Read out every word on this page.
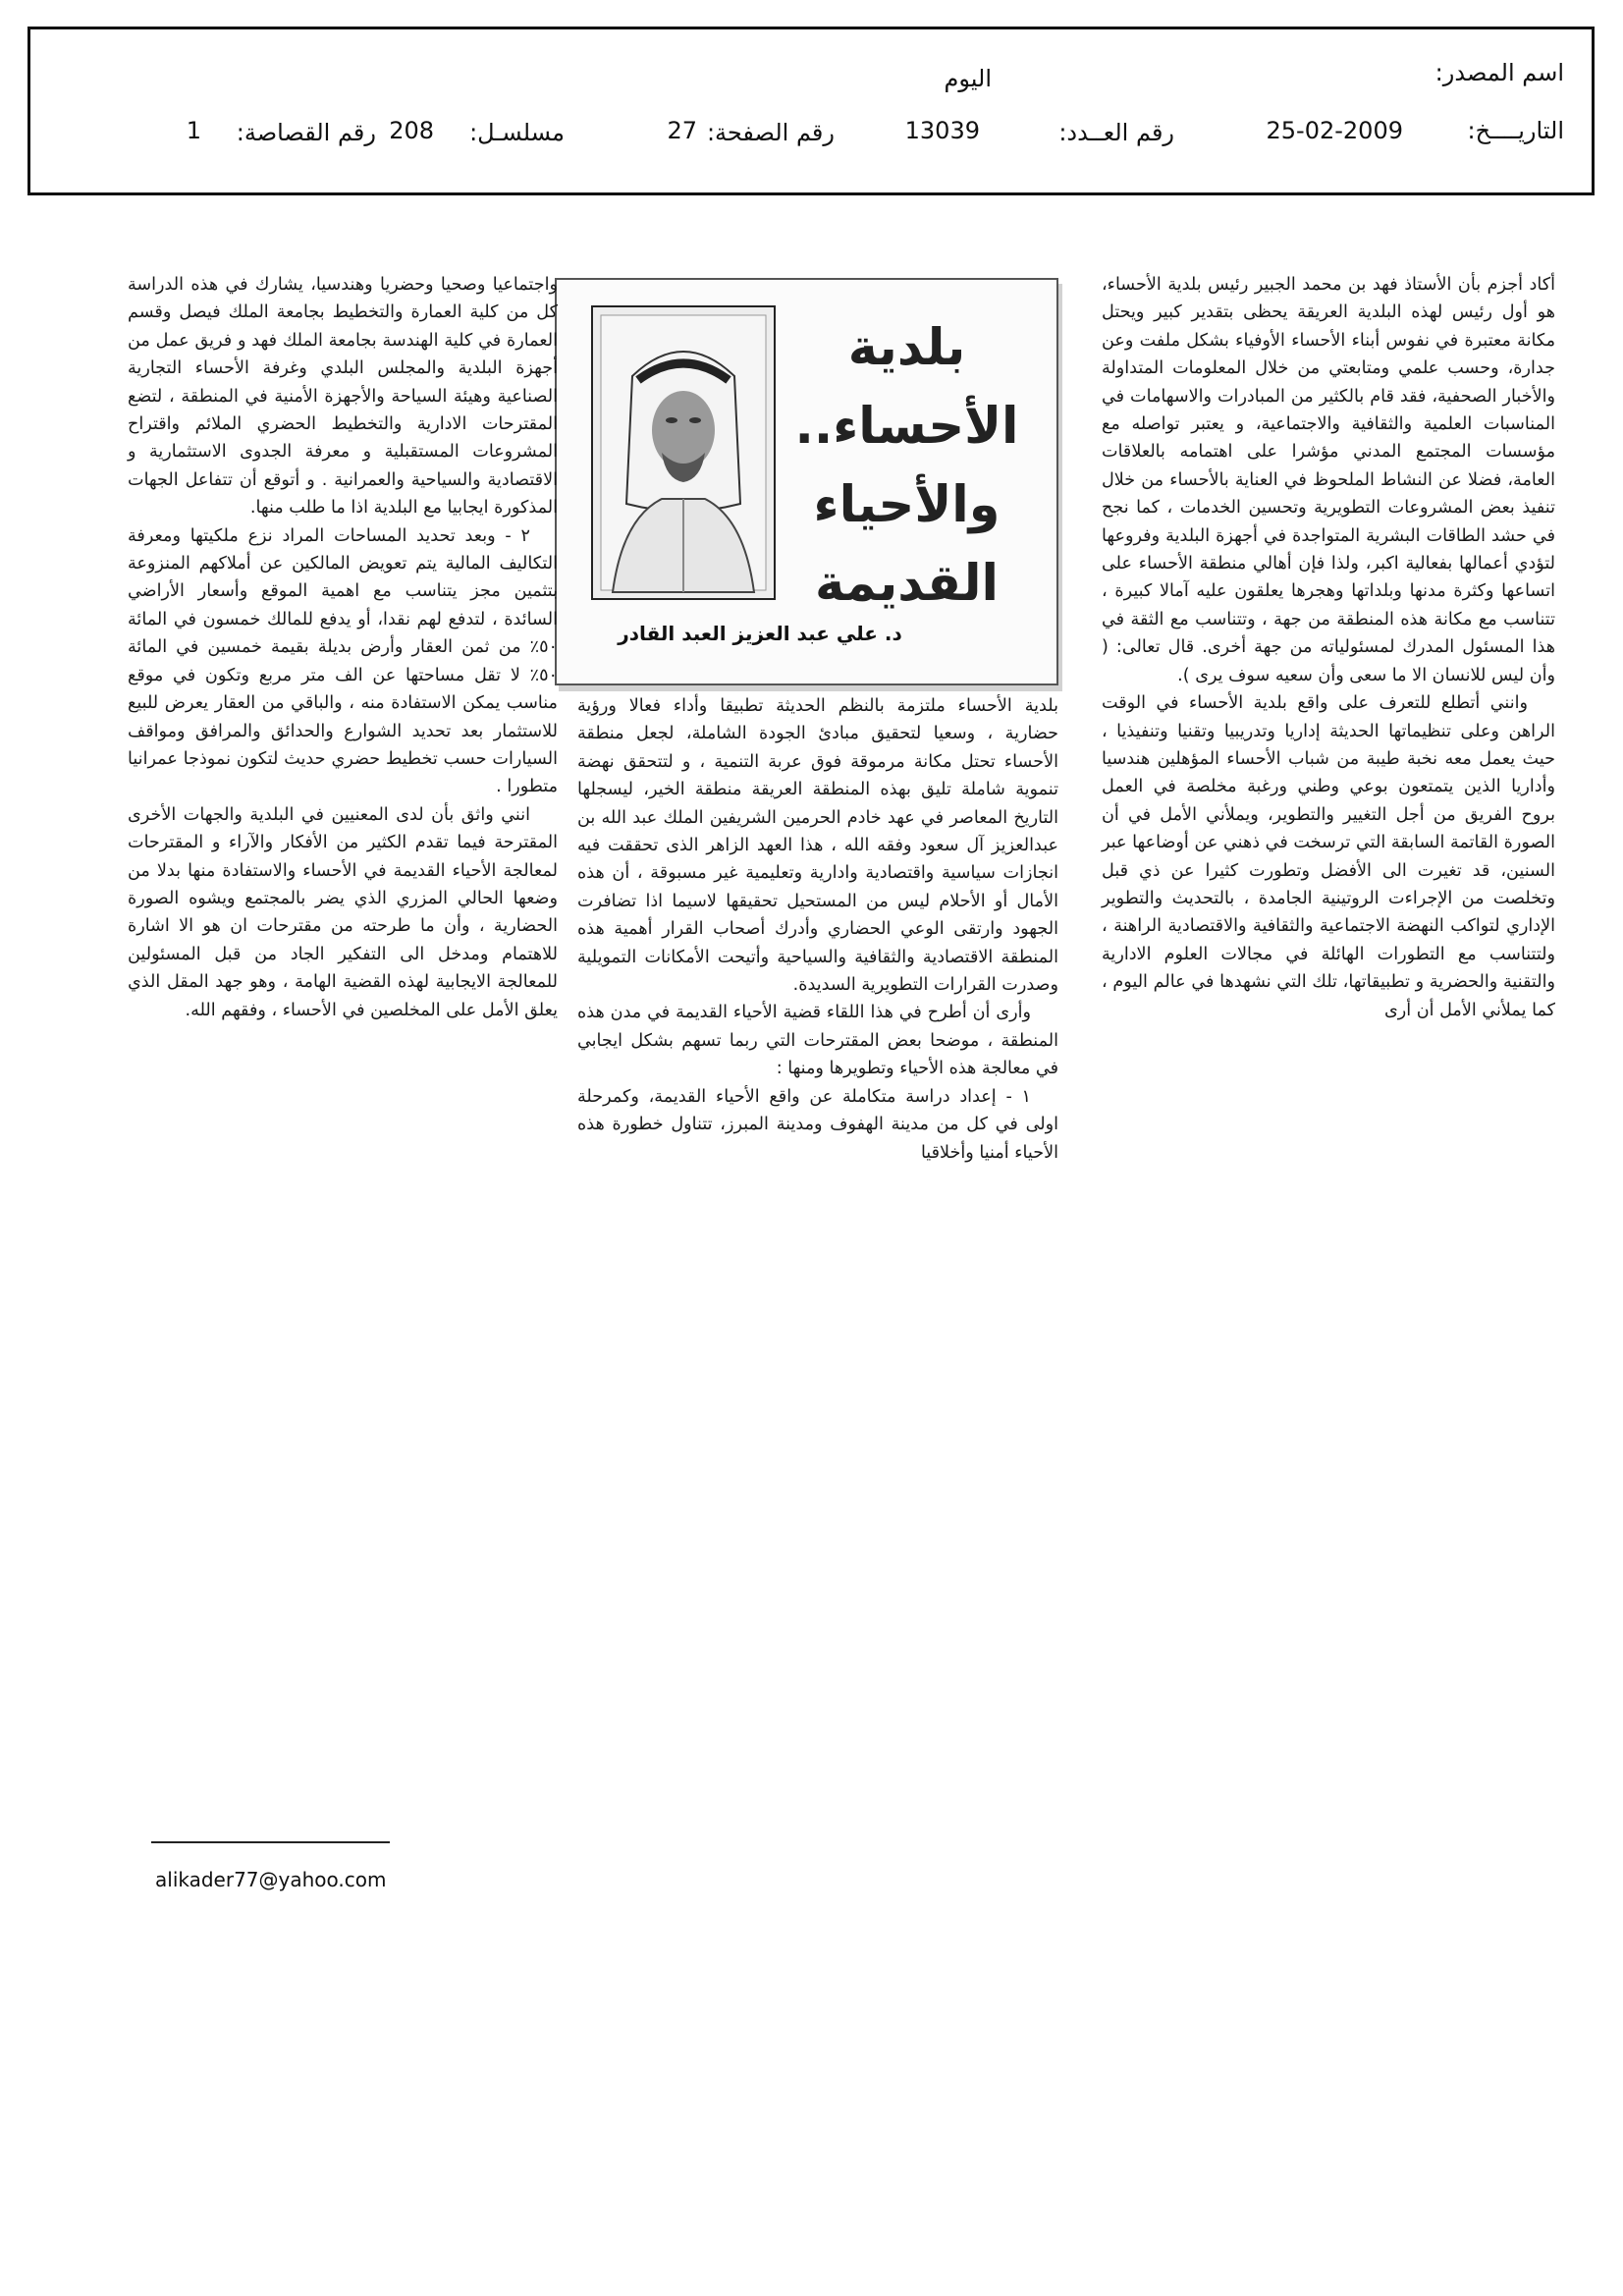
اسم المصدر:
اليوم
التاريــــخ:
25-02-2009
رقم العــدد:
13039
رقم الصفحة:
27
مسلسـل:
208
رقم القصاصة:
1

أكاد أجزم بأن الأستاذ فهد بن محمد الجبير رئيس بلدية الأحساء، هو أول رئيس لهذه البلدية العريقة يحظى بتقدير كبير ويحتل مكانة معتبرة في نفوس أبناء الأحساء الأوفياء بشكل ملفت وعن جدارة، وحسب علمي ومتابعتي من خلال المعلومات المتداولة والأخبار الصحفية، فقد قام بالكثير من المبادرات والاسهامات في المناسبات العلمية والثقافية والاجتماعية، و يعتبر تواصله مع مؤسسات المجتمع المدني مؤشرا على اهتمامه بالعلاقات العامة، فضلا عن النشاط الملحوظ في العناية بالأحساء من خلال تنفيذ بعض المشروعات التطويرية وتحسين الخدمات ، كما نجح في حشد الطاقات البشرية المتواجدة في أجهزة البلدية وفروعها لتؤدي أعمالها بفعالية اكبر، ولذا فإن أهالي منطقة الأحساء على اتساعها وكثرة مدنها وبلداتها وهجرها يعلقون عليه آمالا كبيرة ، تتناسب مع مكانة هذه المنطقة من جهة ، وتتناسب مع الثقة في هذا المسئول المدرك لمسئولياته من جهة أخرى. قال تعالى: ( وأن ليس للانسان الا ما سعى وأن سعيه سوف يرى ).

وانني أتطلع للتعرف على واقع بلدية الأحساء في الوقت الراهن وعلى تنظيماتها الحديثة إداريا وتدريبيا وتقنيا وتنفيذيا ، حيث يعمل معه نخبة طيبة من شباب الأحساء المؤهلين هندسيا وأداريا الذين يتمتعون بوعي وطني ورغبة مخلصة في العمل بروح الفريق من أجل التغيير والتطوير، ويملأني الأمل في أن الصورة القاتمة السابقة التي ترسخت في ذهني عن أوضاعها عبر السنين، قد تغيرت الى الأفضل وتطورت كثيرا عن ذي قبل وتخلصت من الإجراءت الروتينية الجامدة ، بالتحديث والتطوير الإداري لتواكب النهضة الاجتماعية والثقافية والاقتصادية الراهنة ، ولتتناسب مع التطورات الهائلة في مجالات العلوم الادارية والتقنية والحضرية و تطبيقاتها، تلك التي نشهدها في عالم اليوم ، كما يملأني الأمل أن أرى

بلدية
الأحساء..
والأحياء
القديمة
د. علي عبد العزيز العبد القادر

بلدية الأحساء ملتزمة بالنظم الحديثة تطبيقا وأداء فعالا ورؤية حضارية ، وسعيا لتحقيق مبادئ الجودة الشاملة، لجعل منطقة الأحساء تحتل مكانة مرموقة فوق عربة التنمية ، و لتتحقق نهضة تنموية شاملة تليق بهذه المنطقة العريقة منطقة الخير، ليسجلها التاريخ المعاصر في عهد خادم الحرمين الشريفين الملك عبد الله بن عبدالعزيز آل سعود وفقه الله ، هذا العهد الزاهر الذى تحققت فيه انجازات سياسية واقتصادية وادارية وتعليمية غير مسبوقة ، أن هذه الأمال أو الأحلام ليس من المستحيل تحقيقها لاسيما اذا تضافرت الجهود وارتقى الوعي الحضاري وأدرك أصحاب القرار أهمية هذه المنطقة الاقتصادية والثقافية والسياحية وأتيحت الأمكانات التمويلية وصدرت القرارات التطويرية السديدة.

وأرى أن أطرح في هذا اللقاء قضية الأحياء القديمة في مدن هذه المنطقة ، موضحا بعض المقترحات التي ربما تسهم بشكل ايجابي في معالجة هذه الأحياء وتطويرها ومنها :

١ - إعداد دراسة متكاملة عن واقع الأحياء القديمة، وكمرحلة اولى في كل من مدينة الهفوف ومدينة المبرز، تتناول خطورة هذه الأحياء أمنيا وأخلاقيا

واجتماعيا وصحيا وحضريا وهندسيا، يشارك في هذه الدراسة كل من كلية العمارة والتخطيط بجامعة الملك فيصل وقسم العمارة في كلية الهندسة بجامعة الملك فهد و فريق عمل من أجهزة البلدية والمجلس البلدي وغرفة الأحساء التجارية الصناعية وهيئة السياحة والأجهزة الأمنية في المنطقة ، لتضع المقترحات الادارية والتخطيط الحضري الملائم واقتراح المشروعات المستقبلية و معرفة الجدوى الاستثمارية و الاقتصادية والسياحية والعمرانية . و أتوقع أن تتفاعل الجهات المذكورة ايجابيا مع البلدية اذا ما طلب منها.

٢ - وبعد تحديد المساحات المراد نزع ملكيتها ومعرفة التكاليف المالية يتم تعويض المالكين عن أملاكهم المنزوعة بتثمين مجز يتناسب مع اهمية الموقع وأسعار الأراضي السائدة ، لتدفع لهم نقدا، أو يدفع للمالك خمسون في المائة ٥٠٪ من ثمن العقار وأرض بديلة بقيمة خمسين في المائة ٥٠٪ لا تقل مساحتها عن الف متر مربع وتكون في موقع مناسب يمكن الاستفادة منه ، والباقي من العقار يعرض للبيع للاستثمار بعد تحديد الشوارع والحدائق والمرافق ومواقف السيارات حسب تخطيط حضري حديث لتكون نموذجا عمرانيا متطورا .

انني واثق بأن لدى المعنيين في البلدية والجهات الأخرى المقترحة فيما تقدم الكثير من الأفكار والآراء و المقترحات لمعالجة الأحياء القديمة في الأحساء والاستفادة منها بدلا من وضعها الحالي المزري الذي يضر بالمجتمع ويشوه الصورة الحضارية ، وأن ما طرحته من مقترحات ان هو الا اشارة للاهتمام ومدخل الى التفكير الجاد من قبل المسئولين للمعالجة الايجابية لهذه القضية الهامة ، وهو جهد المقل الذي يعلق الأمل على المخلصين في الأحساء ، وفقهم الله.

alikader77@yahoo.com
